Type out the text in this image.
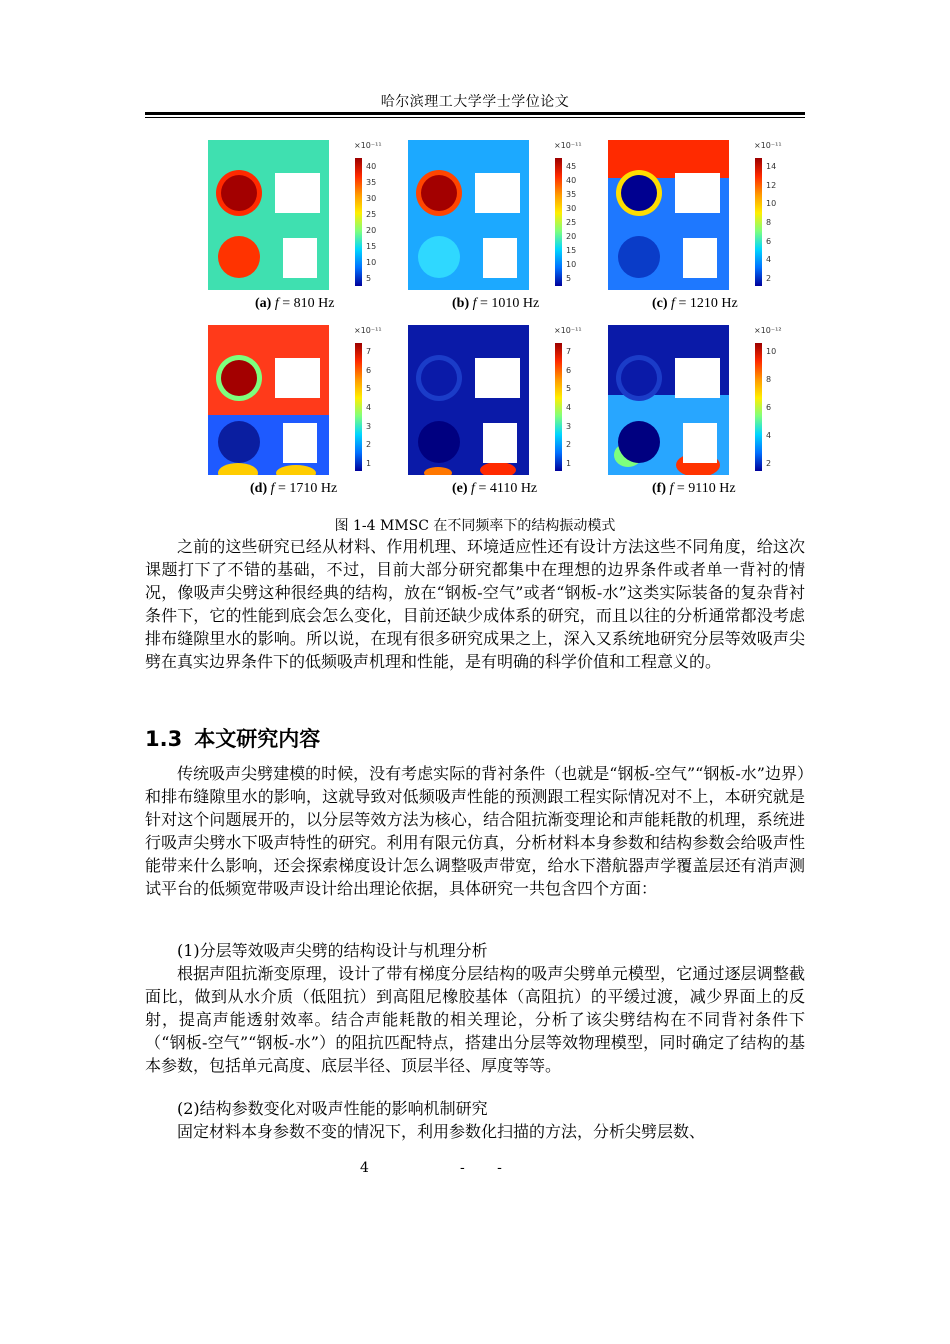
哈尔滨理工大学学士学位论文
×10⁻¹¹
40
35
30
25
20
15
10
5
(a) f = 810 Hz
×10⁻¹¹
45
40
35
30
25
20
15
10
5
(b) f = 1010 Hz
×10⁻¹¹
14
12
10
8
6
4
2
(c) f = 1210 Hz
×10⁻¹¹
7
6
5
4
3
2
1
(d) f = 1710 Hz
×10⁻¹¹
7
6
5
4
3
2
1
(e) f = 4110 Hz
×10⁻¹²
10
8
6
4
2
(f) f = 9110 Hz
图 1-4 MMSC 在不同频率下的结构振动模式

之前的这些研究已经从材料、作用机理、环境适应性还有设计方法这些不同角度，给这次课题打下了不错的基础，不过，目前大部分研究都集中在理想的边界条件或者单一背衬的情况，像吸声尖劈这种很经典的结构，放在“钢板-空气”或者“钢板-水”这类实际装备的复杂背衬条件下，它的性能到底会怎么变化，目前还缺少成体系的研究，而且以往的分析通常都没考虑排布缝隙里水的影响。所以说，在现有很多研究成果之上，深入又系统地研究分层等效吸声尖劈在真实边界条件下的低频吸声机理和性能，是有明确的科学价值和工程意义的。

1.3 本文研究内容

传统吸声尖劈建模的时候，没有考虑实际的背衬条件（也就是“钢板-空气”“钢板-水”边界）和排布缝隙里水的影响，这就导致对低频吸声性能的预测跟工程实际情况对不上，本研究就是针对这个问题展开的，以分层等效方法为核心，结合阻抗渐变理论和声能耗散的机理，系统进行吸声尖劈水下吸声特性的研究。利用有限元仿真，分析材料本身参数和结构参数会给吸声性能带来什么影响，还会探索梯度设计怎么调整吸声带宽，给水下潜航器声学覆盖层还有消声测试平台的低频宽带吸声设计给出理论依据，具体研究一共包含四个方面：

(1)分层等效吸声尖劈的结构设计与机理分析

根据声阻抗渐变原理，设计了带有梯度分层结构的吸声尖劈单元模型，它通过逐层调整截面比，做到从水介质（低阻抗）到高阻尼橡胶基体（高阻抗）的平缓过渡，减少界面上的反射，提高声能透射效率。结合声能耗散的相关理论，分析了该尖劈结构在不同背衬条件下（“钢板-空气”“钢板-水”）的阻抗匹配特点，搭建出分层等效物理模型，同时确定了结构的基本参数，包括单元高度、底层半径、顶层半径、厚度等等。

(2)结构参数变化对吸声性能的影响机制研究

固定材料本身参数不变的情况下，利用参数化扫描的方法，分析尖劈层数、

4	- -
